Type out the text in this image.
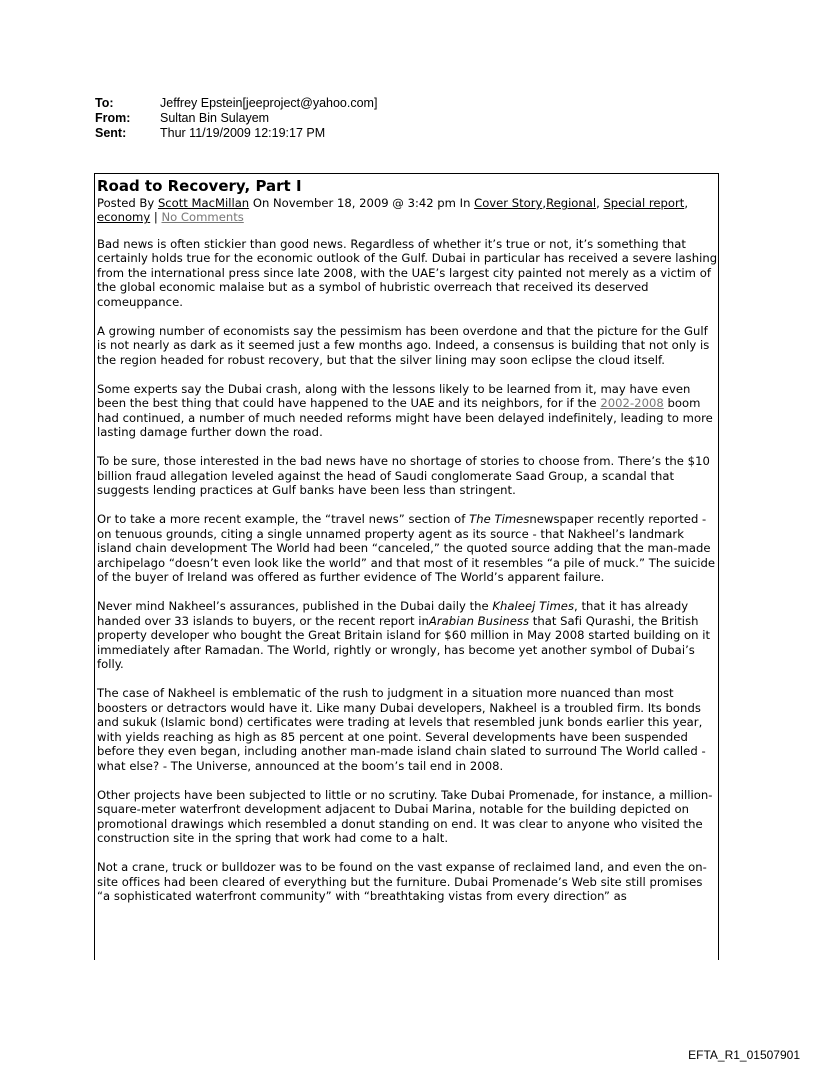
To:	Jeffrey Epstein[jeeproject@yahoo.com]
From:	Sultan Bin Sulayem
Sent:	Thur 11/19/2009 12:19:17 PM
Road to Recovery, Part I
Posted By Scott MacMillan On November 18, 2009 @ 3:42 pm In Cover Story,Regional, Special report, economy | No Comments

Bad news is often stickier than good news. Regardless of whether it’s true or not, it’s something that certainly holds true for the economic outlook of the Gulf. Dubai in particular has received a severe lashing from the international press since late 2008, with the UAE’s largest city painted not merely as a victim of the global economic malaise but as a symbol of hubristic overreach that received its deserved comeuppance.

A growing number of economists say the pessimism has been overdone and that the picture for the Gulf is not nearly as dark as it seemed just a few months ago. Indeed, a consensus is building that not only is the region headed for robust recovery, but that the silver lining may soon eclipse the cloud itself.

Some experts say the Dubai crash, along with the lessons likely to be learned from it, may have even been the best thing that could have happened to the UAE and its neighbors, for if the 2002-2008 boom had continued, a number of much needed reforms might have been delayed indefinitely, leading to more lasting damage further down the road.

To be sure, those interested in the bad news have no shortage of stories to choose from. There’s the $10 billion fraud allegation leveled against the head of Saudi conglomerate Saad Group, a scandal that suggests lending practices at Gulf banks have been less than stringent.

Or to take a more recent example, the “travel news” section of The Timesnewspaper recently reported - on tenuous grounds, citing a single unnamed property agent as its source - that Nakheel’s landmark island chain development The World had been “canceled,” the quoted source adding that the man-made archipelago “doesn’t even look like the world” and that most of it resembles “a pile of muck.” The suicide of the buyer of Ireland was offered as further evidence of The World’s apparent failure.

Never mind Nakheel’s assurances, published in the Dubai daily the Khaleej Times, that it has already handed over 33 islands to buyers, or the recent report inArabian Business that Safi Qurashi, the British property developer who bought the Great Britain island for $60 million in May 2008 started building on it immediately after Ramadan. The World, rightly or wrongly, has become yet another symbol of Dubai’s folly.

The case of Nakheel is emblematic of the rush to judgment in a situation more nuanced than most boosters or detractors would have it. Like many Dubai developers, Nakheel is a troubled firm. Its bonds and sukuk (Islamic bond) certificates were trading at levels that resembled junk bonds earlier this year, with yields reaching as high as 85 percent at one point. Several developments have been suspended before they even began, including another man-made island chain slated to surround The World called - what else? - The Universe, announced at the boom’s tail end in 2008.

Other projects have been subjected to little or no scrutiny. Take Dubai Promenade, for instance, a million-square-meter waterfront development adjacent to Dubai Marina, notable for the building depicted on promotional drawings which resembled a donut standing on end. It was clear to anyone who visited the construction site in the spring that work had come to a halt.

Not a crane, truck or bulldozer was to be found on the vast expanse of reclaimed land, and even the on-site offices had been cleared of everything but the furniture. Dubai Promenade’s Web site still promises “a sophisticated waterfront community” with “breathtaking vistas from every direction” as

EFTA_R1_01507901
